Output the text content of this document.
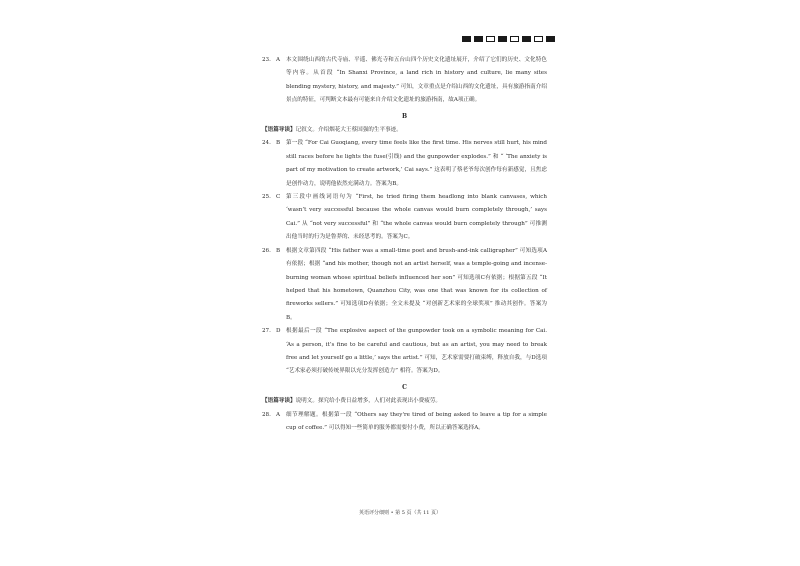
23. A	本文围绕山西的古代寺庙、平遥、佛光寺和五台山四个历史文化遗址展开，介绍了它们的历史、文化特色等内容。从首段 “In Shanxi Province, a land rich in history and culture, lie many sites blending mystery, history, and majesty.” 可知，文章重点是介绍山西的文化遗址，具有旅游指南介绍景点的特征，可判断文本最有可能来自介绍文化遗址的旅游指南，故A项正确。
B

【语篇导读】记叙文。介绍烟花大王蔡国强的生平事迹。

24. B	第一段 “For Cai Guoqiang, every time feels like the first time. His nerves still hurt, his mind still races before he lights the fuse(引线) and the gunpowder explodes.” 和 “ ‘The anxiety is part of my motivation to create artwork,’ Cai says.” 这表明了蔡老爷每次创作每有新感觉，且焦虑是创作动力，说明他依然充满动力。答案为B。
25. C	第三段中画线词语句为 “First, he tried firing them headlong into blank canvases, which ‘wasn’t very successful because the whole canvas would burn completely through,’ says Cai.” 从 “not very successful” 和 “the whole canvas would burn completely through” 可推测出他当时的行为是鲁莽的、未经思考的。答案为C。
26. B	根据文章第四段 “His father was a small-time poet and brush-and-ink calligrapher” 可知选项A有依据；根据 “and his mother, though not an artist herself, was a temple-going and incense-burning woman whose spiritual beliefs influenced her son” 可知选项C有依据；根据第五段 “It helped that his hometown, Quanzhou City, was one that was known for its collection of fireworks sellers.” 可知选项D有依据；全文未提及 “对创新艺术家的全球奖项” 推动其创作。答案为B。
27. D 根据最后一段 “The explosive aspect of the gunpowder took on a symbolic meaning for Cai. ‘As a person, it’s fine to be careful and cautious, but as an artist, you may need to break free and let yourself go a little,’ says the artist.” 可知，艺术家需要打破束缚，释放自我，与D选项 “艺术家必须打破传统界限以充分发挥创造力” 相符。答案为D。
C

【语篇导读】说明文。探究给小费日益增多，人们对此表现出小费疲劳。

28. A	细节理解题。根据第一段 “Others say they're tired of being asked to leave a tip for a simple cup of coffee.” 可以得知一些简单的服务都需要付小费，所以正确答案选择A。
英语评分细则 • 第 5 页（共 11 页）
